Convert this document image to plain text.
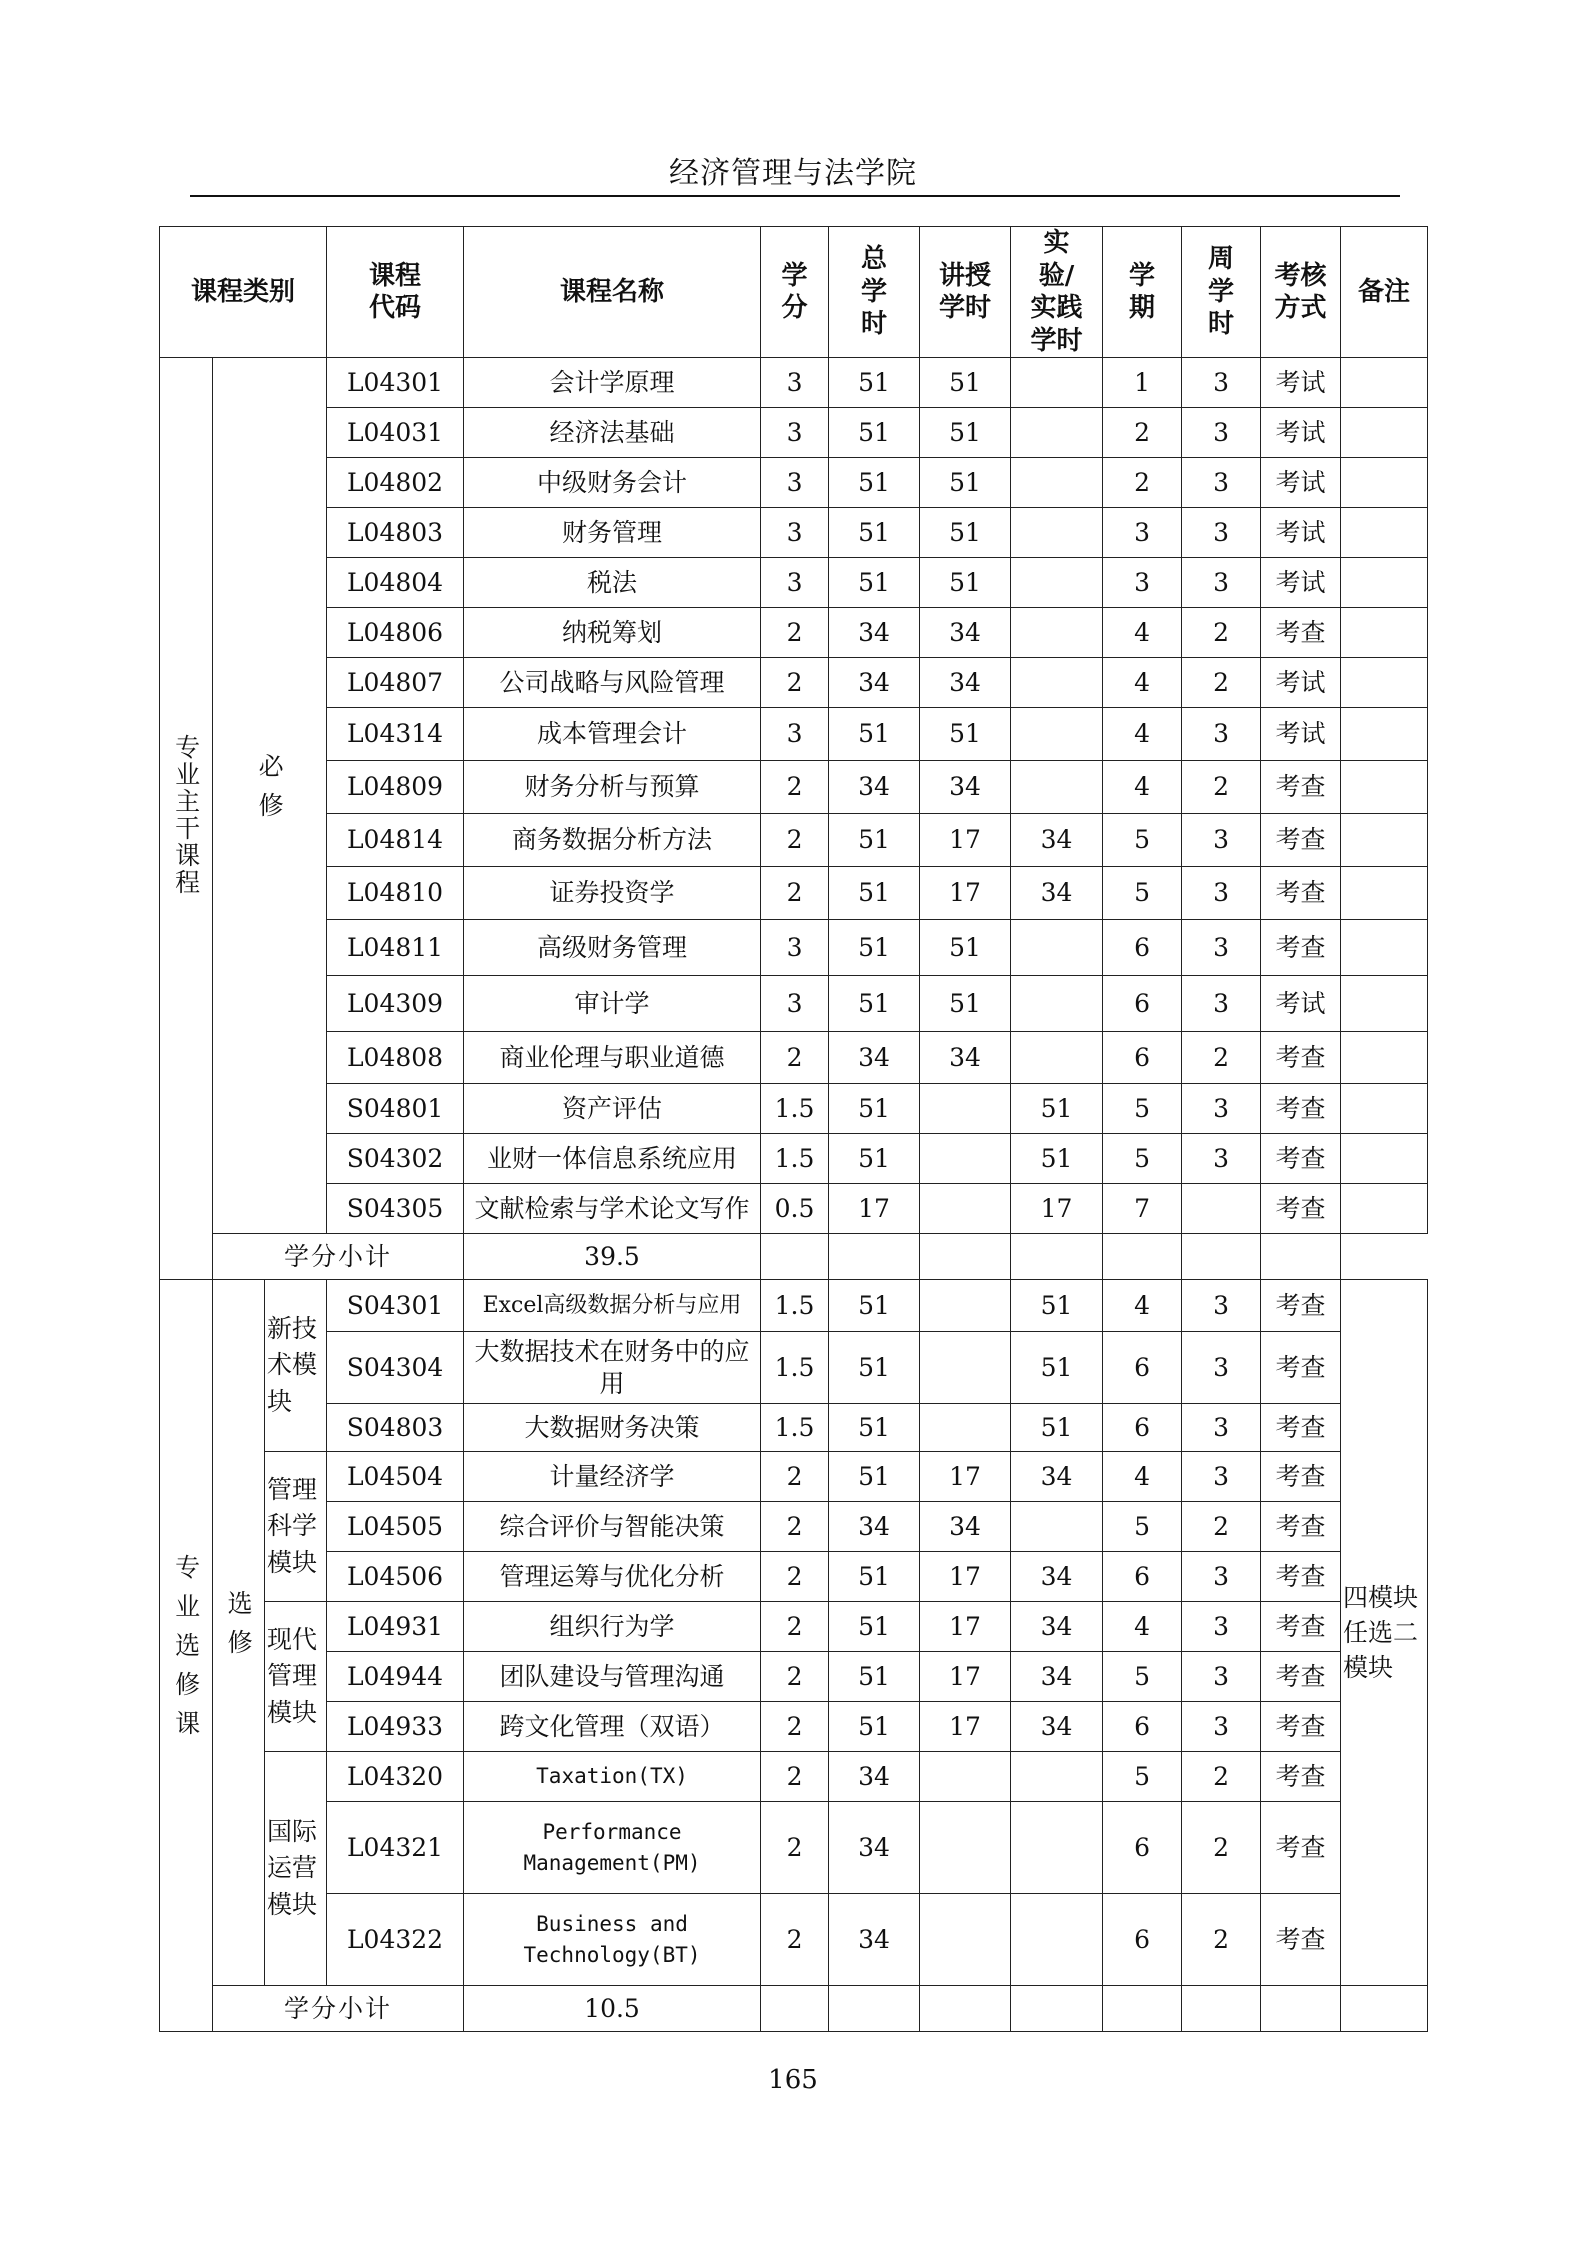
经济管理与法学院
课程类别			课程代码	课程名称	学分	总学时	讲授学时	实验/实践学时	学期	周学时	考核方式	备注
专业主干课程	必修		L04301	会计学原理	3	51	51		1	3	考试	
			L04031	经济法基础	3	51	51		2	3	考试	
			L04802	中级财务会计	3	51	51		2	3	考试	
			L04803	财务管理	3	51	51		3	3	考试	
			L04804	税法	3	51	51		3	3	考试	
			L04806	纳税筹划	2	34	34		4	2	考查	
			L04807	公司战略与风险管理	2	34	34		4	2	考试	
			L04314	成本管理会计	3	51	51		4	3	考试	
			L04809	财务分析与预算	2	34	34		4	2	考查	
			L04814	商务数据分析方法	2	51	17	34	5	3	考查	
			L04810	证券投资学	2	51	17	34	5	3	考查	
			L04811	高级财务管理	3	51	51		6	3	考查	
			L04309	审计学	3	51	51		6	3	考试	
			L04808	商业伦理与职业道德	2	34	34		6	2	考查	
			S04801	资产评估	1.5	51		51	5	3	考查	
			S04302	业财一体信息系统应用	1.5	51		51	5	3	考查	
			S04305	文献检索与学术论文写作	0.5	17		17	7		考查	
	学分小计			39.5								
专业选修课	选修	新技术模块	S04301	Excel高级数据分析与应用	1.5	51		51	4	3	考查	四模块任选二模块

			S04304	大数据技术在财务中的应用	1.5	51		51	6	3	考查	
			S04803	大数据财务决策	1.5	51		51	6	3	考查	

		管理科学模块	L04504	计量经济学	2	51	17	34	4	3	考查	
			L04505	综合评价与智能决策	2	34	34		5	2	考查	
			L04506	管理运筹与优化分析	2	51	17	34	6	3	考查	

		现代管理模块	L04931	组织行为学	2	51	17	34	4	3	考查	
			L04944	团队建设与管理沟通	2	51	17	34	5	3	考查	
			L04933	跨文化管理（双语）	2	51	17	34	6	3	考查	

		国际运营模块	L04320	Taxation(TX)	2	34			5	2	考查	
			L04321	Performance Management(PM)	2	34			6	2	考查	
			L04322	Business and Technology(BT)	2	34			6	2	考查	
	学分小计			10.5								
165
